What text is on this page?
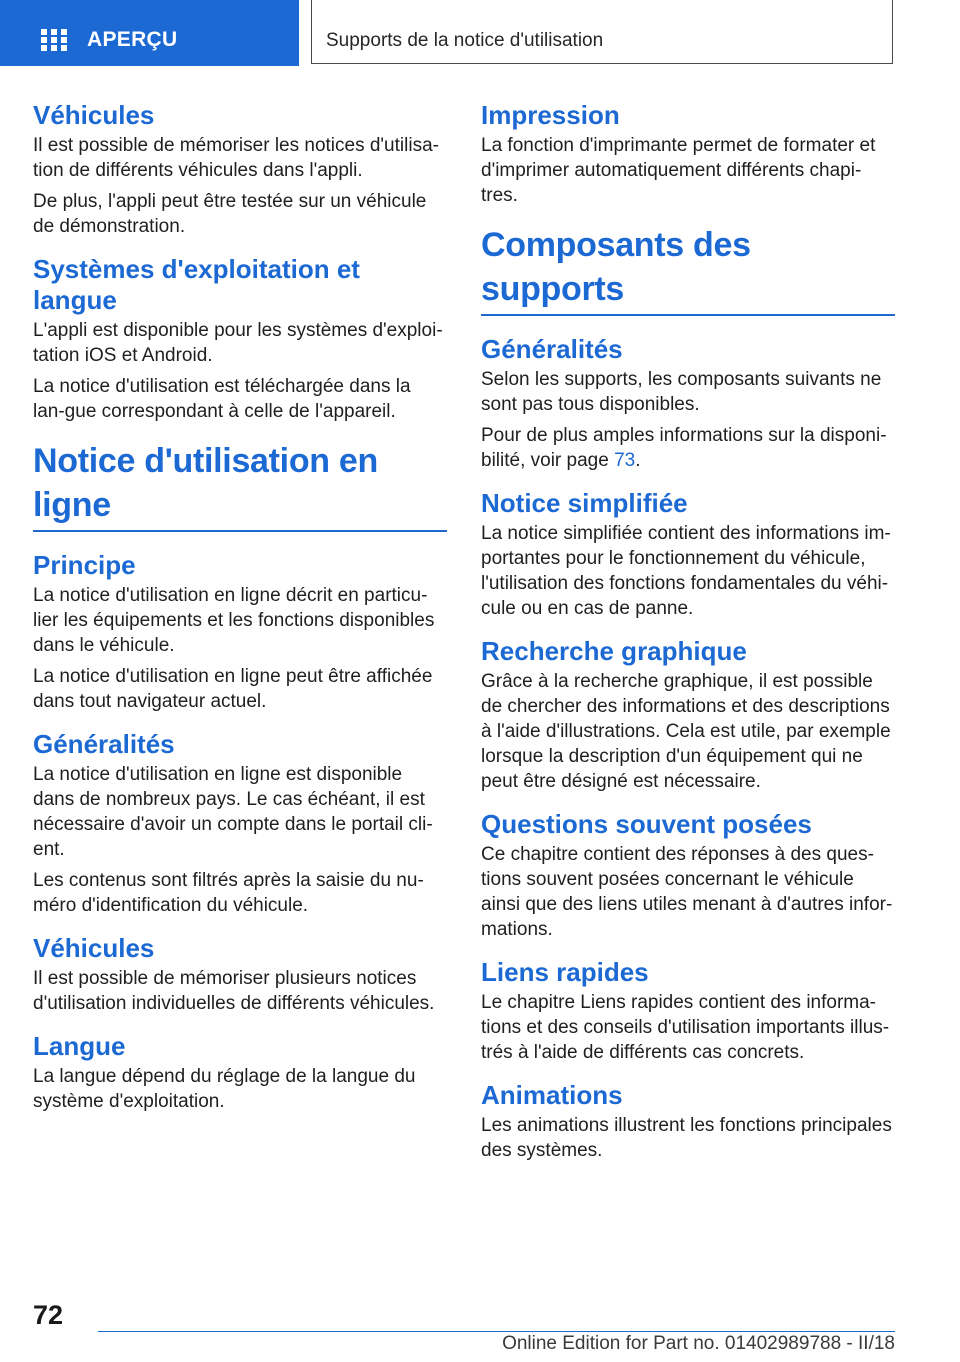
APERÇU	Supports de la notice d'utilisation
Véhicules

Il est possible de mémoriser les notices d'utilisa-tion de différents véhicules dans l'appli.

De plus, l'appli peut être testée sur un véhicule de démonstration.

Systèmes d'exploitation et langue

L'appli est disponible pour les systèmes d'exploi-tation iOS et Android.

La notice d'utilisation est téléchargée dans la lan-gue correspondant à celle de l'appareil.

Notice d'utilisation en ligne
Principe

La notice d'utilisation en ligne décrit en particu-lier les équipements et les fonctions disponibles dans le véhicule.

La notice d'utilisation en ligne peut être affichée dans tout navigateur actuel.

Généralités

La notice d'utilisation en ligne est disponible dans de nombreux pays. Le cas échéant, il est nécessaire d'avoir un compte dans le portail cli-ent.

Les contenus sont filtrés après la saisie du nu-méro d'identification du véhicule.

Véhicules

Il est possible de mémoriser plusieurs notices d'utilisation individuelles de différents véhicules.

Langue

La langue dépend du réglage de la langue du système d'exploitation.

Impression

La fonction d'imprimante permet de formater et d'imprimer automatiquement différents chapi-tres.

Composants des supports
Généralités

Selon les supports, les composants suivants ne sont pas tous disponibles.

Pour de plus amples informations sur la disponi-bilité, voir page 73.

Notice simplifiée

La notice simplifiée contient des informations im-portantes pour le fonctionnement du véhicule, l'utilisation des fonctions fondamentales du véhi-cule ou en cas de panne.

Recherche graphique

Grâce à la recherche graphique, il est possible de chercher des informations et des descriptions à l'aide d'illustrations. Cela est utile, par exemple lorsque la description d'un équipement qui ne peut être désigné est nécessaire.

Questions souvent posées

Ce chapitre contient des réponses à des ques-tions souvent posées concernant le véhicule ainsi que des liens utiles menant à d'autres infor-mations.

Liens rapides

Le chapitre Liens rapides contient des informa-tions et des conseils d'utilisation importants illus-trés à l'aide de différents cas concrets.

Animations

Les animations illustrent les fonctions principales des systèmes.

72
Online Edition for Part no. 01402989788 - II/18
